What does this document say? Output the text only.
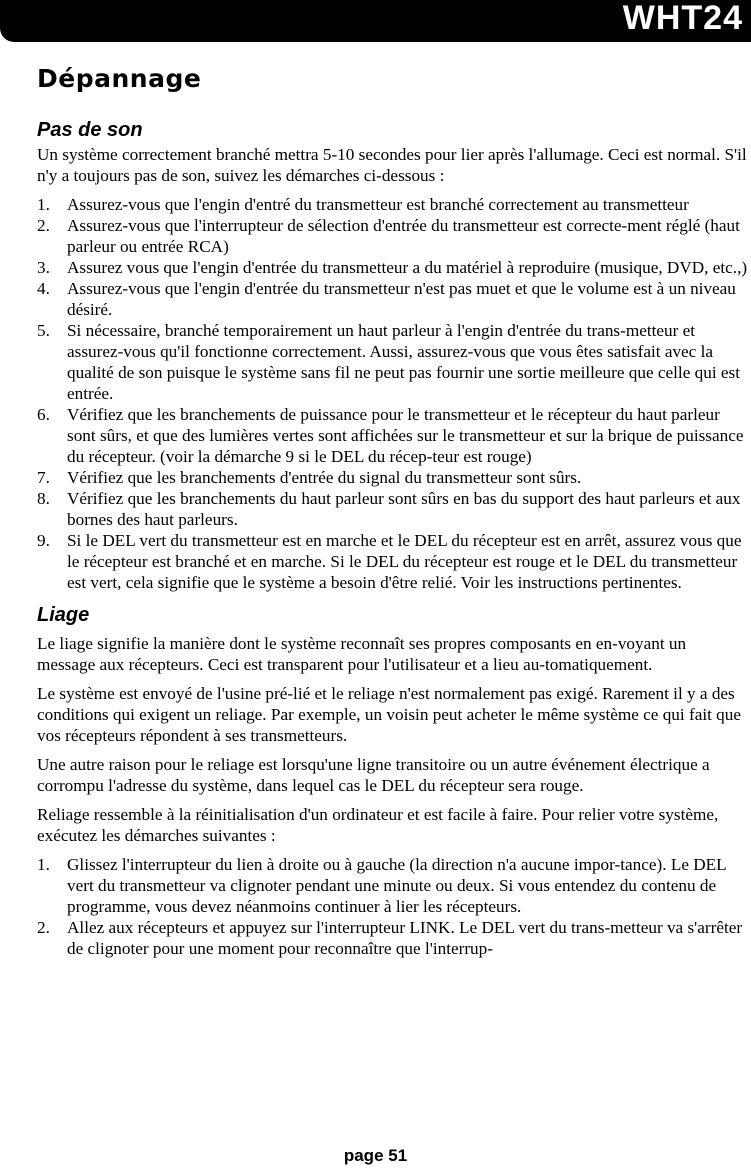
WHT24
Dépannage
Pas de son

Un système correctement branché mettra 5-10 secondes pour lier après l'allumage. Ceci est normal. S'il n'y a toujours pas de son, suivez les démarches ci-dessous :

1. Assurez-vous que l'engin d'entré du transmetteur est branché correctement au transmetteur
2. Assurez-vous que l'interrupteur de sélection d'entrée du transmetteur est correcte-ment réglé (haut parleur ou entrée RCA)
3. Assurez vous que l'engin d'entrée du transmetteur a du matériel à reproduire (musique, DVD, etc.,)
4. Assurez-vous que l'engin d'entrée du transmetteur n'est pas muet et que le volume est à un niveau désiré.
5. Si nécessaire, branché temporairement un haut parleur à l'engin d'entrée du trans-metteur et assurez-vous qu'il fonctionne correctement. Aussi, assurez-vous que vous êtes satisfait avec la qualité de son puisque le système sans fil ne peut pas fournir une sortie meilleure que celle qui est entrée.
6. Vérifiez que les branchements de puissance pour le transmetteur et le récepteur du haut parleur sont sûrs, et que des lumières vertes sont affichées sur le transmetteur et sur la brique de puissance du récepteur. (voir la démarche 9 si le DEL du récep-teur est rouge)
7. Vérifiez que les branchements d'entrée du signal du transmetteur sont sûrs.
8. Vérifiez que les branchements du haut parleur sont sûrs en bas du support des haut parleurs et aux bornes des haut parleurs.
9. Si le DEL vert du transmetteur est en marche et le DEL du récepteur est en arrêt, assurez vous que le récepteur est branché et en marche. Si le DEL du récepteur est rouge et le DEL du transmetteur est vert, cela signifie que le système a besoin d'être relié. Voir les instructions pertinentes.
Liage

Le liage signifie la manière dont le système reconnaît ses propres composants en en-voyant un message aux récepteurs. Ceci est transparent pour l'utilisateur et a lieu au-tomatiquement.

Le système est envoyé de l'usine pré-lié et le reliage n'est normalement pas exigé. Rarement il y a des conditions qui exigent un reliage. Par exemple, un voisin peut acheter le même système ce qui fait que vos récepteurs répondent à ses transmetteurs.

Une autre raison pour le reliage est lorsqu'une ligne transitoire ou un autre événement électrique a corrompu l'adresse du système, dans lequel cas le DEL du récepteur sera rouge.

Reliage ressemble à la réinitialisation d'un ordinateur et est facile à faire. Pour relier votre système, exécutez les démarches suivantes :

1. Glissez l'interrupteur du lien à droite ou à gauche (la direction n'a aucune impor-tance). Le DEL vert du transmetteur va clignoter pendant une minute ou deux. Si vous entendez du contenu de programme, vous devez néanmoins continuer à lier les récepteurs.
2. Allez aux récepteurs et appuyez sur l'interrupteur LINK. Le DEL vert du trans-metteur va s'arrêter de clignoter pour une moment pour reconnaître que l'interrup-
page 51
